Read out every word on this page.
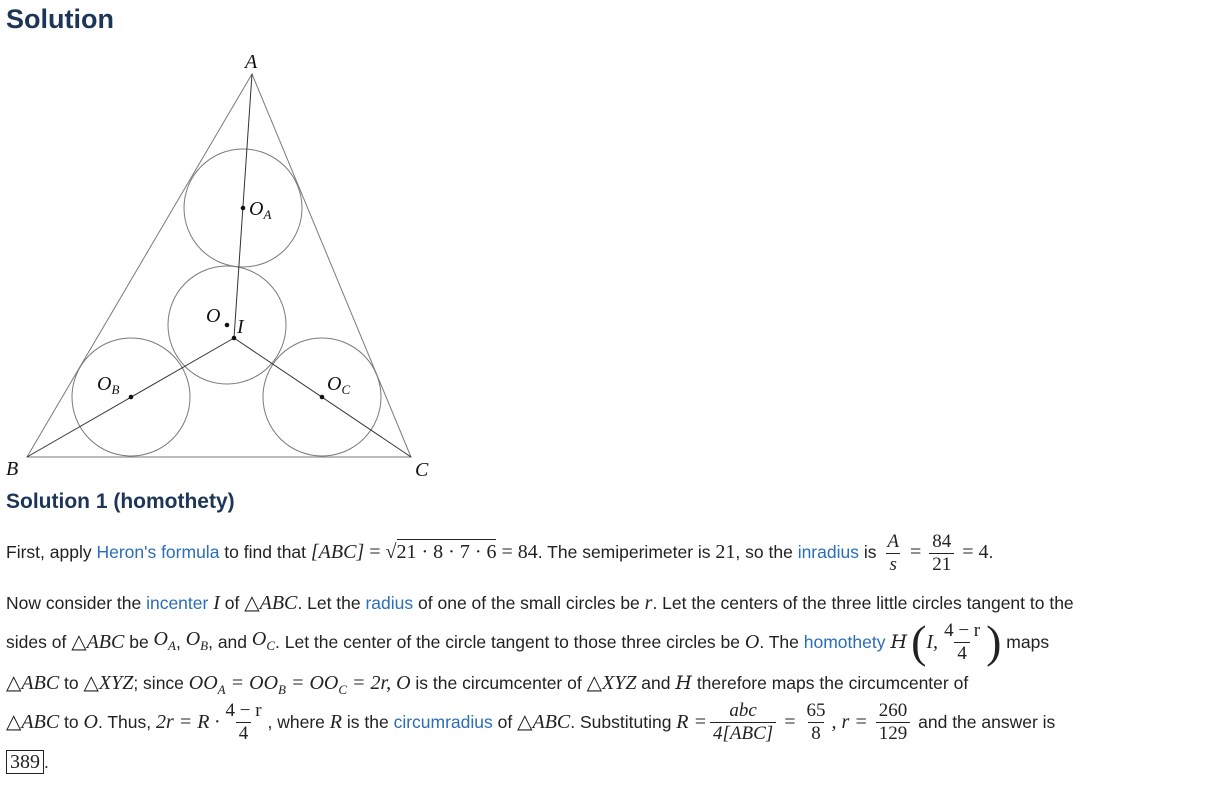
Solution
A
B	C
$O_A$
O I
$O_B$	$O_C$
Solution 1 (homothety)
First, apply Heron's formula to find that [ABC] = √21 · 8 · 7 · 6 = 84. The semiperimeter is 21, so the inradius is $\frac{A}{s} = \frac{84}{21} = 4$.
Now consider the incenter I of △ABC. Let the radius of one of the small circles be r. Let the centers of the three little circles tangent to the
sides of △ABC be $O_A$ , $O_B$ , and $O_C$ . Let the center of the circle tangent to those three circles be O . The homothety H ( I, $\frac{4 - r}{4}$ ) maps
△ABC to △XYZ; since $OO_A = OO_B = OO_C = 2r$, O is the circumcenter of △XYZ and H therefore maps the circumcenter of
△ABC to O . Thus, $2r = R \cdot \frac{4 - r}{4}$ , where R is the circumradius of △ABC . Substituting $R = \frac{\text{abc}}{\text{4[ABC]}} = \frac{65}{8}$ , $r = \frac{260}{129}$ and the answer is
389 .
